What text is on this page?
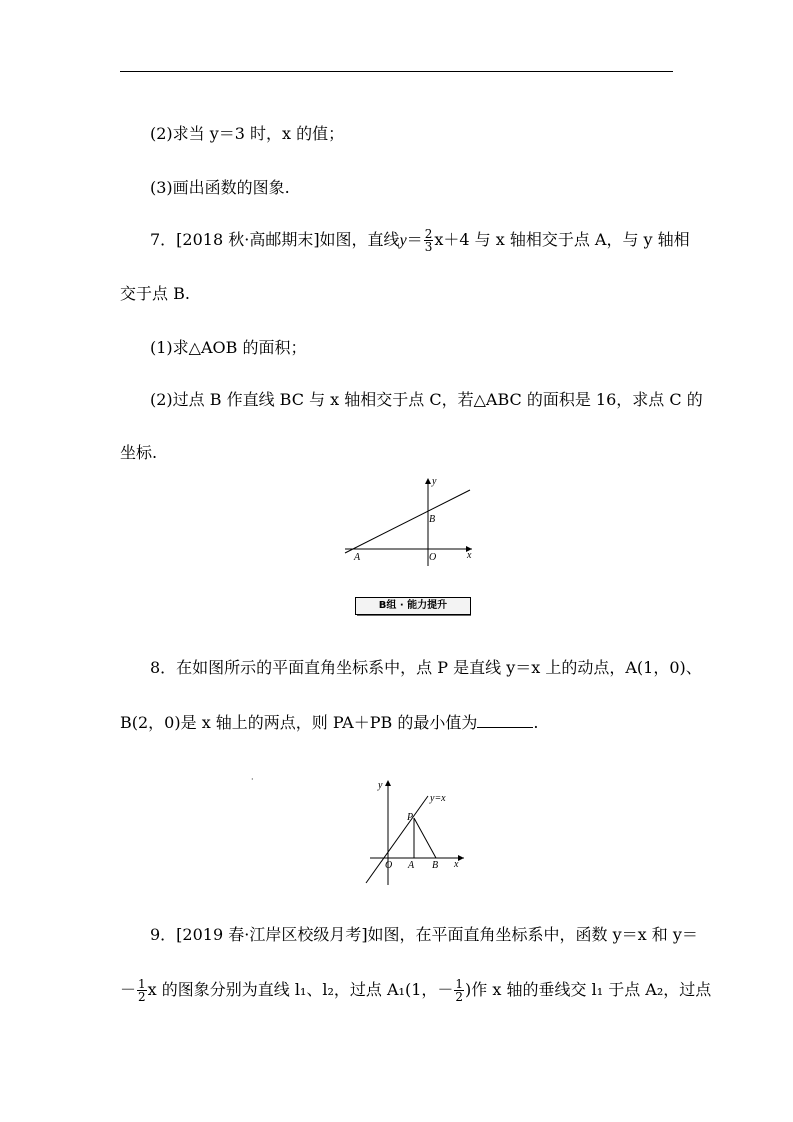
(2)求当 y＝3 时，x 的值；
(3)画出函数的图象.
7．[2018 秋·高邮期末]如图，直线$y= \frac{2}{3} x+4$ 与 x 轴相交于点 A，与 y 轴相
交于点 B.
(1)求△AOB 的面积；
(2)过点 B 作直线 BC 与 x 轴相交于点 C，若△ABC 的面积是 16，求点 C 的
坐标.
A
B
O	x
y
B组 · 能力提升
8．在如图所示的平面直角坐标系中，点 P 是直线 y＝x 上的动点，A(1，0)、
B(2，0)是 x 轴上的两点，则 PA＋PB 的最小值为	.
·
y=x
P
O A B x
y
9．[2019 春·江岸区校级月考]如图，在平面直角坐标系中，函数 y＝x 和 y＝
－ $\frac{1}{2}$ x 的图象分别为直线 l₁、l₂，过点 A₁(1，－ $\frac{1}{2}$ )作 x 轴的垂线交 l₁ 于点 A₂，过点
